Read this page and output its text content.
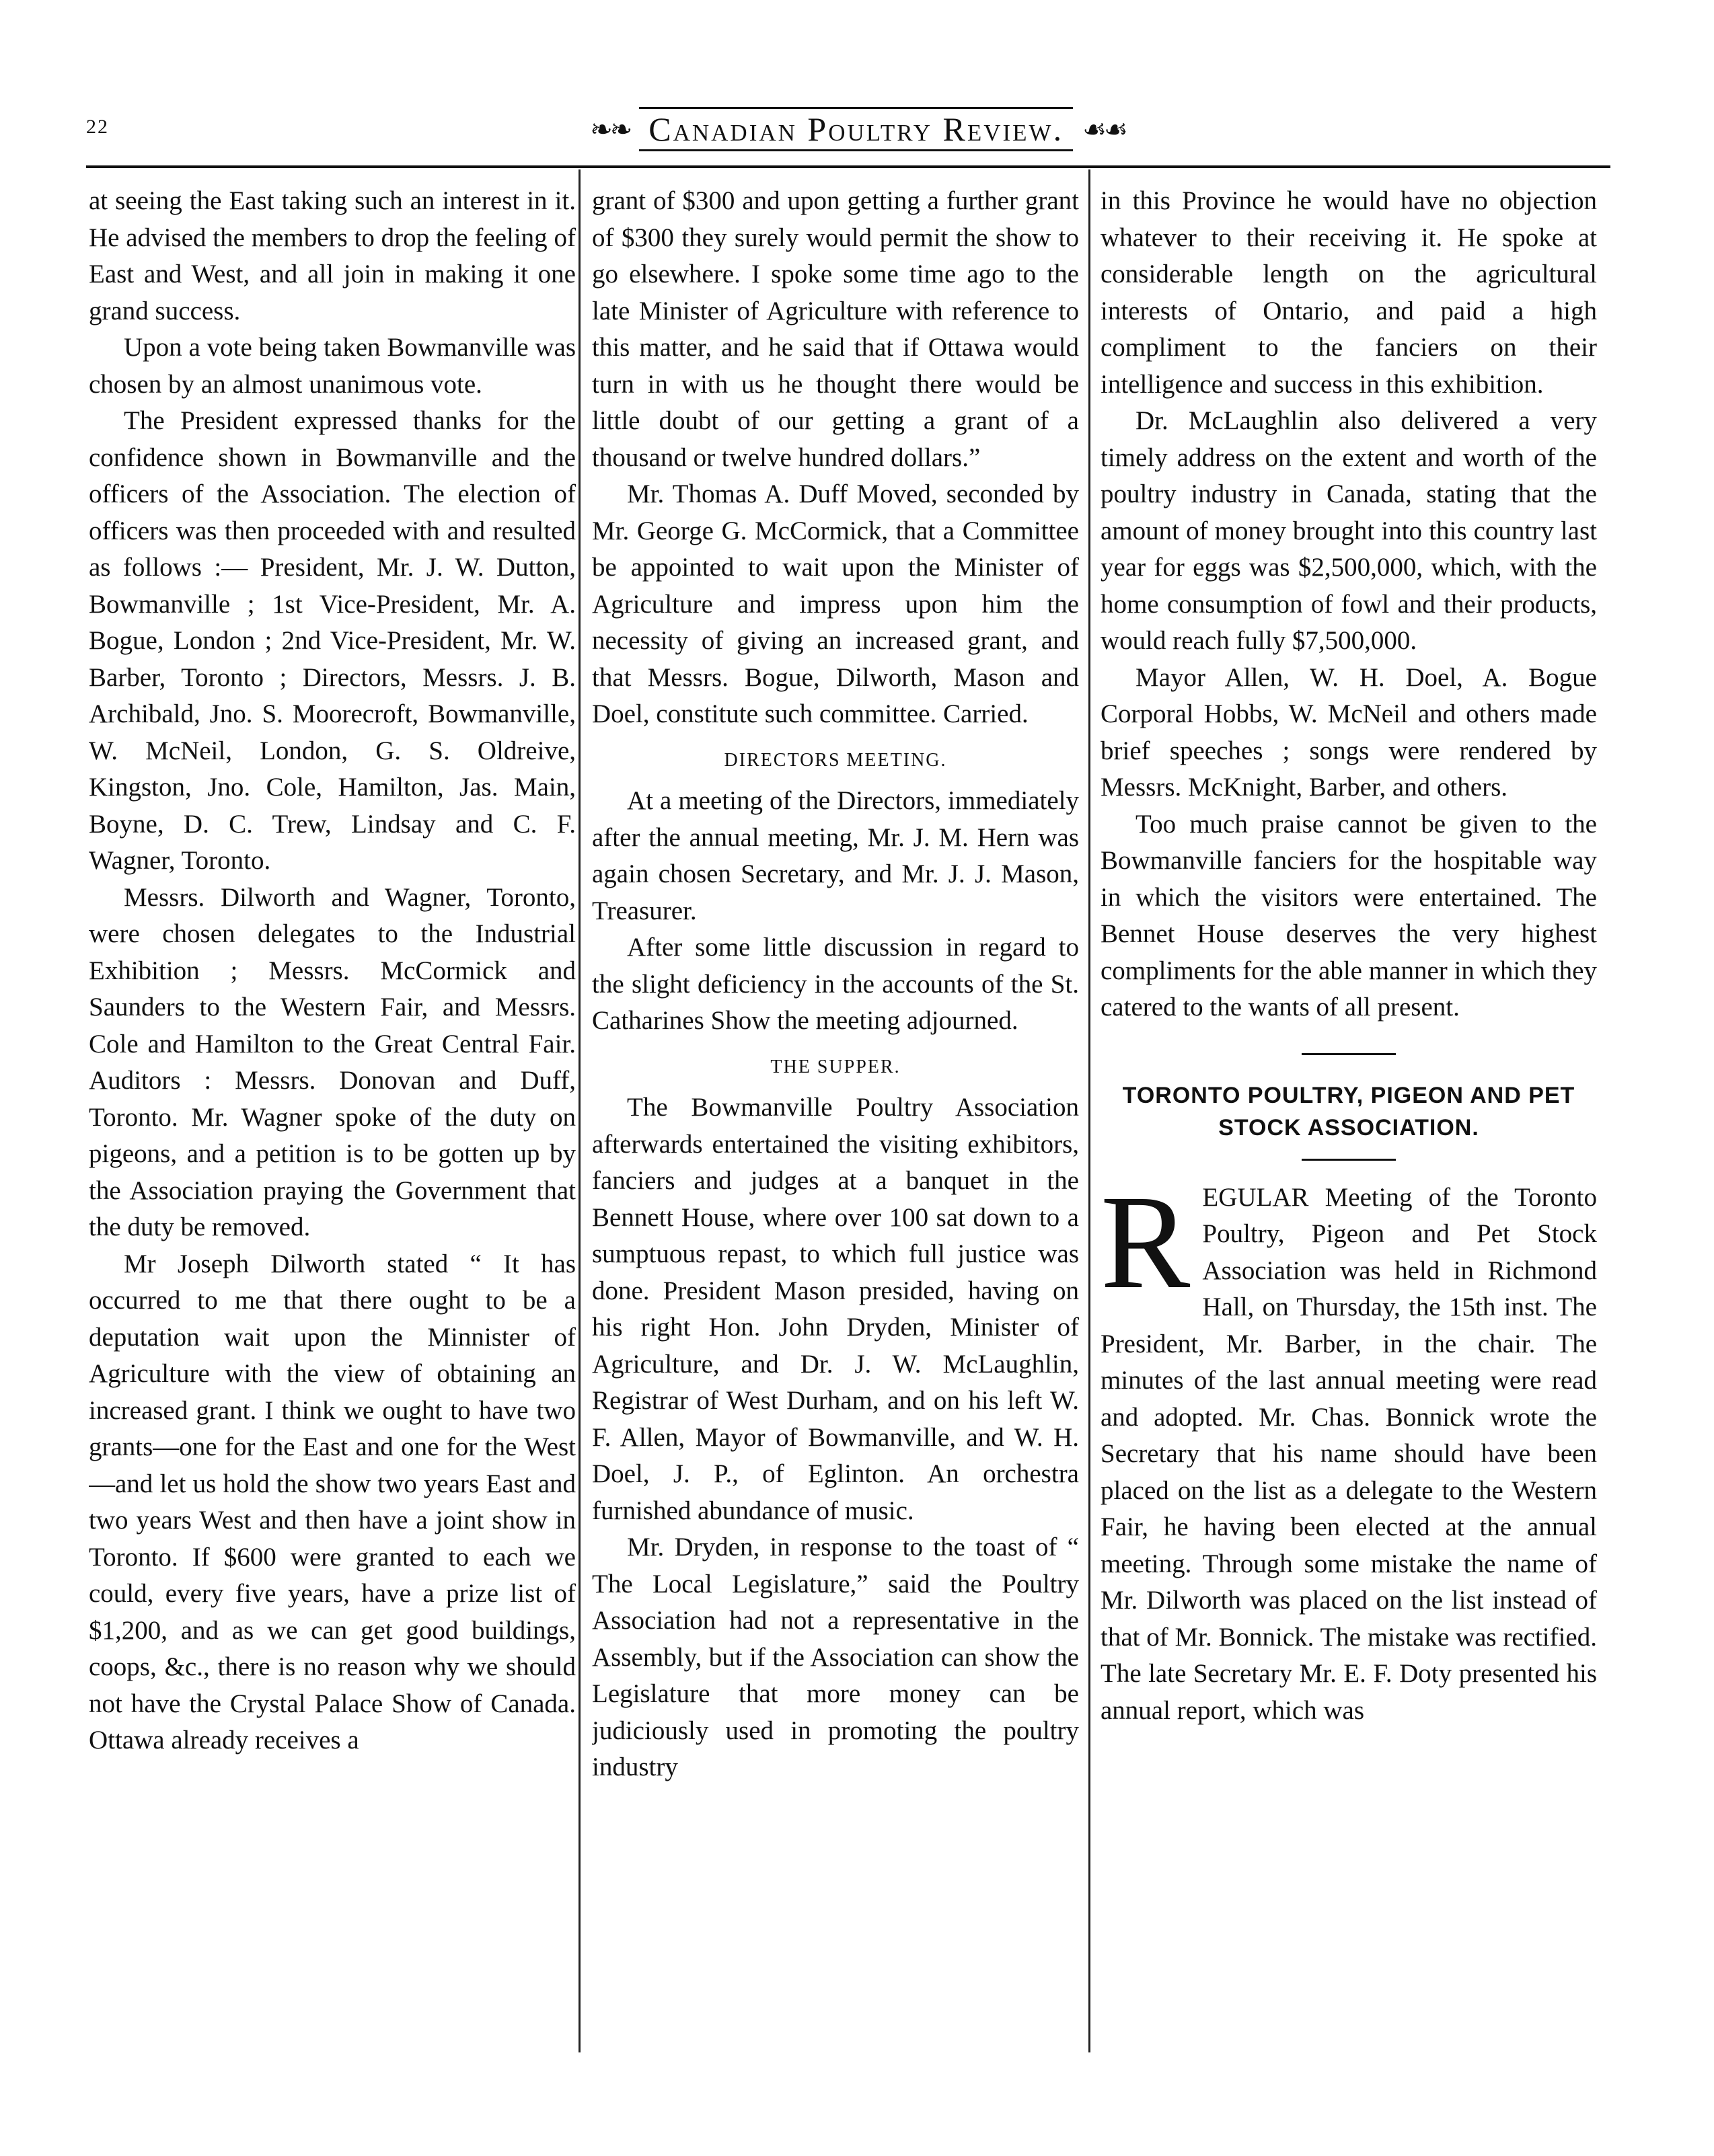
22	❧❧ Canadian Poultry Review. ☙☙

at seeing the East taking such an interest in it. He advised the members to drop the feeling of East and West, and all join in making it one grand success.

Upon a vote being taken Bowmanville was chosen by an almost unanimous vote.

The President expressed thanks for the confidence shown in Bowmanville and the officers of the Association. The election of officers was then proceeded with and resulted as follows :— President, Mr. J. W. Dutton, Bowmanville ; 1st Vice-President, Mr. A. Bogue, London ; 2nd Vice-President, Mr. W. Barber, Toronto ; Directors, Messrs. J. B. Archibald, Jno. S. Moorecroft, Bowmanville, W. McNeil, London, G. S. Oldreive, Kingston, Jno. Cole, Hamilton, Jas. Main, Boyne, D. C. Trew, Lindsay and C. F. Wagner, Toronto.

Messrs. Dilworth and Wagner, Toronto, were chosen delegates to the Industrial Exhibition ; Messrs. McCormick and Saunders to the Western Fair, and Messrs. Cole and Hamilton to the Great Central Fair. Auditors : Messrs. Donovan and Duff, Toronto. Mr. Wagner spoke of the duty on pigeons, and a petition is to be gotten up by the Association praying the Government that the duty be removed.

Mr Joseph Dilworth stated “ It has occurred to me that there ought to be a deputation wait upon the Minnister of Agriculture with the view of obtaining an increased grant. I think we ought to have two grants—one for the East and one for the West—and let us hold the show two years East and two years West and then have a joint show in Toronto. If $600 were granted to each we could, every five years, have a prize list of $1,200, and as we can get good buildings, coops, &c., there is no reason why we should not have the Crystal Palace Show of Canada. Ottawa already receives a

grant of $300 and upon getting a further grant of $300 they surely would permit the show to go elsewhere. I spoke some time ago to the late Minister of Agriculture with reference to this matter, and he said that if Ottawa would turn in with us he thought there would be little doubt of our getting a grant of a thousand or twelve hundred dollars.”

Mr. Thomas A. Duff Moved, seconded by Mr. George G. McCormick, that a Committee be appointed to wait upon the Minister of Agriculture and impress upon him the necessity of giving an increased grant, and that Messrs. Bogue, Dilworth, Mason and Doel, constitute such committee. Carried.

DIRECTORS MEETING.

At a meeting of the Directors, immediately after the annual meeting, Mr. J. M. Hern was again chosen Secretary, and Mr. J. J. Mason, Treasurer.

After some little discussion in regard to the slight deficiency in the accounts of the St. Catharines Show the meeting adjourned.

THE SUPPER.

The Bowmanville Poultry Association afterwards entertained the visiting exhibitors, fanciers and judges at a banquet in the Bennett House, where over 100 sat down to a sumptuous repast, to which full justice was done. President Mason presided, having on his right Hon. John Dryden, Minister of Agriculture, and Dr. J. W. McLaughlin, Registrar of West Durham, and on his left W. F. Allen, Mayor of Bowmanville, and W. H. Doel, J. P., of Eglinton. An orchestra furnished abundance of music.

Mr. Dryden, in response to the toast of “ The Local Legislature,” said the Poultry Association had not a representative in the Assembly, but if the Association can show the Legislature that more money can be judiciously used in promoting the poultry industry

in this Province he would have no objection whatever to their receiving it. He spoke at considerable length on the agricultural interests of Ontario, and paid a high compliment to the fanciers on their intelligence and success in this exhibition.

Dr. McLaughlin also delivered a very timely address on the extent and worth of the poultry industry in Canada, stating that the amount of money brought into this country last year for eggs was $2,500,000, which, with the home consumption of fowl and their products, would reach fully $7,500,000.

Mayor Allen, W. H. Doel, A. Bogue Corporal Hobbs, W. McNeil and others made brief speeches ; songs were rendered by Messrs. McKnight, Barber, and others.

Too much praise cannot be given to the Bowmanville fanciers for the hospitable way in which the visitors were entertained. The Bennet House deserves the very highest compliments for the able manner in which they catered to the wants of all present.

TORONTO POULTRY, PIGEON AND PET STOCK ASSOCIATION.

REGULAR Meeting of the Toronto Poultry, Pigeon and Pet Stock Association was held in Richmond Hall, on Thursday, the 15th inst. The President, Mr. Barber, in the chair. The minutes of the last annual meeting were read and adopted. Mr. Chas. Bonnick wrote the Secretary that his name should have been placed on the list as a delegate to the Western Fair, he having been elected at the annual meeting. Through some mistake the name of Mr. Dilworth was placed on the list instead of that of Mr. Bonnick. The mistake was rectified. The late Secretary Mr. E. F. Doty presented his annual report, which was
